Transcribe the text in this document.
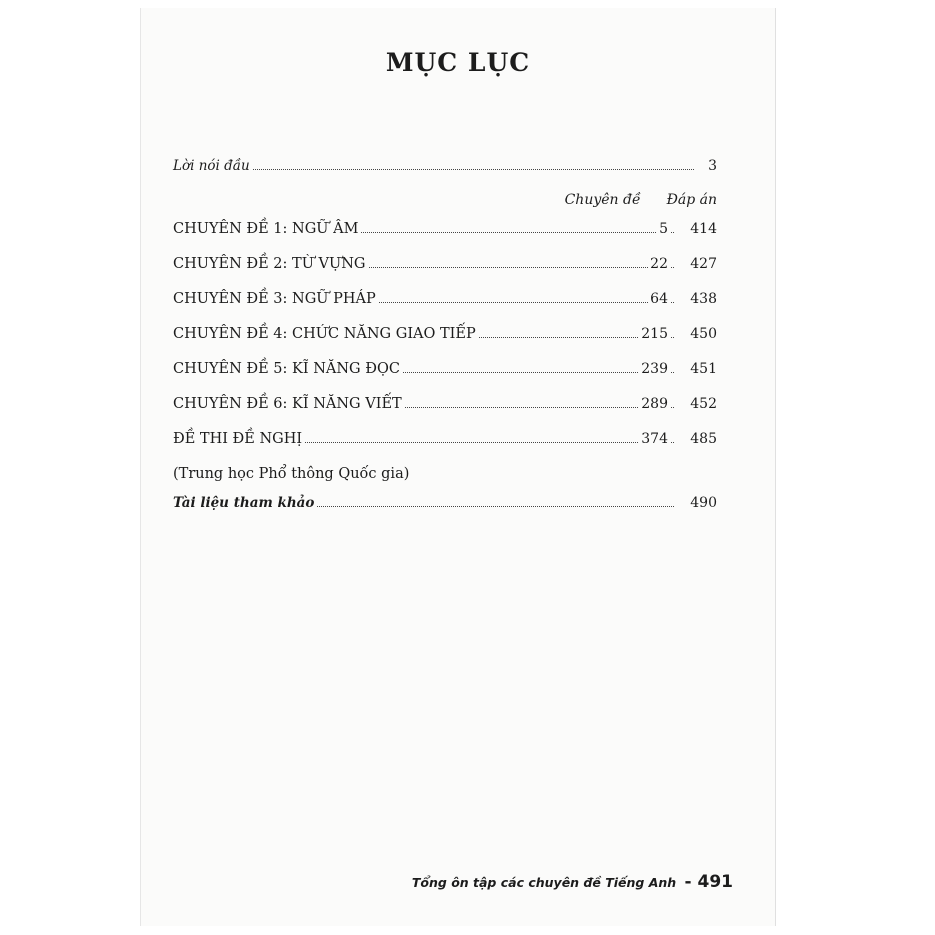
MỤC LỤC
Lời nói đầu	3
Chuyên đề Đáp án
CHUYÊN ĐỀ 1: NGỮ ÂM	5	414
CHUYÊN ĐỀ 2: TỪ VỰNG	22	427
CHUYÊN ĐỀ 3: NGỮ PHÁP	64	438
CHUYÊN ĐỀ 4: CHỨC NĂNG GIAO TIẾP	215	450
CHUYÊN ĐỀ 5: KĨ NĂNG ĐỌC	239	451
CHUYÊN ĐỀ 6: KĨ NĂNG VIẾT	289	452
ĐỀ THI ĐỀ NGHỊ	374	485
(Trung học Phổ thông Quốc gia)
Tài liệu tham khảo	490
Tổng ôn tập các chuyên đề Tiếng Anh - 491
